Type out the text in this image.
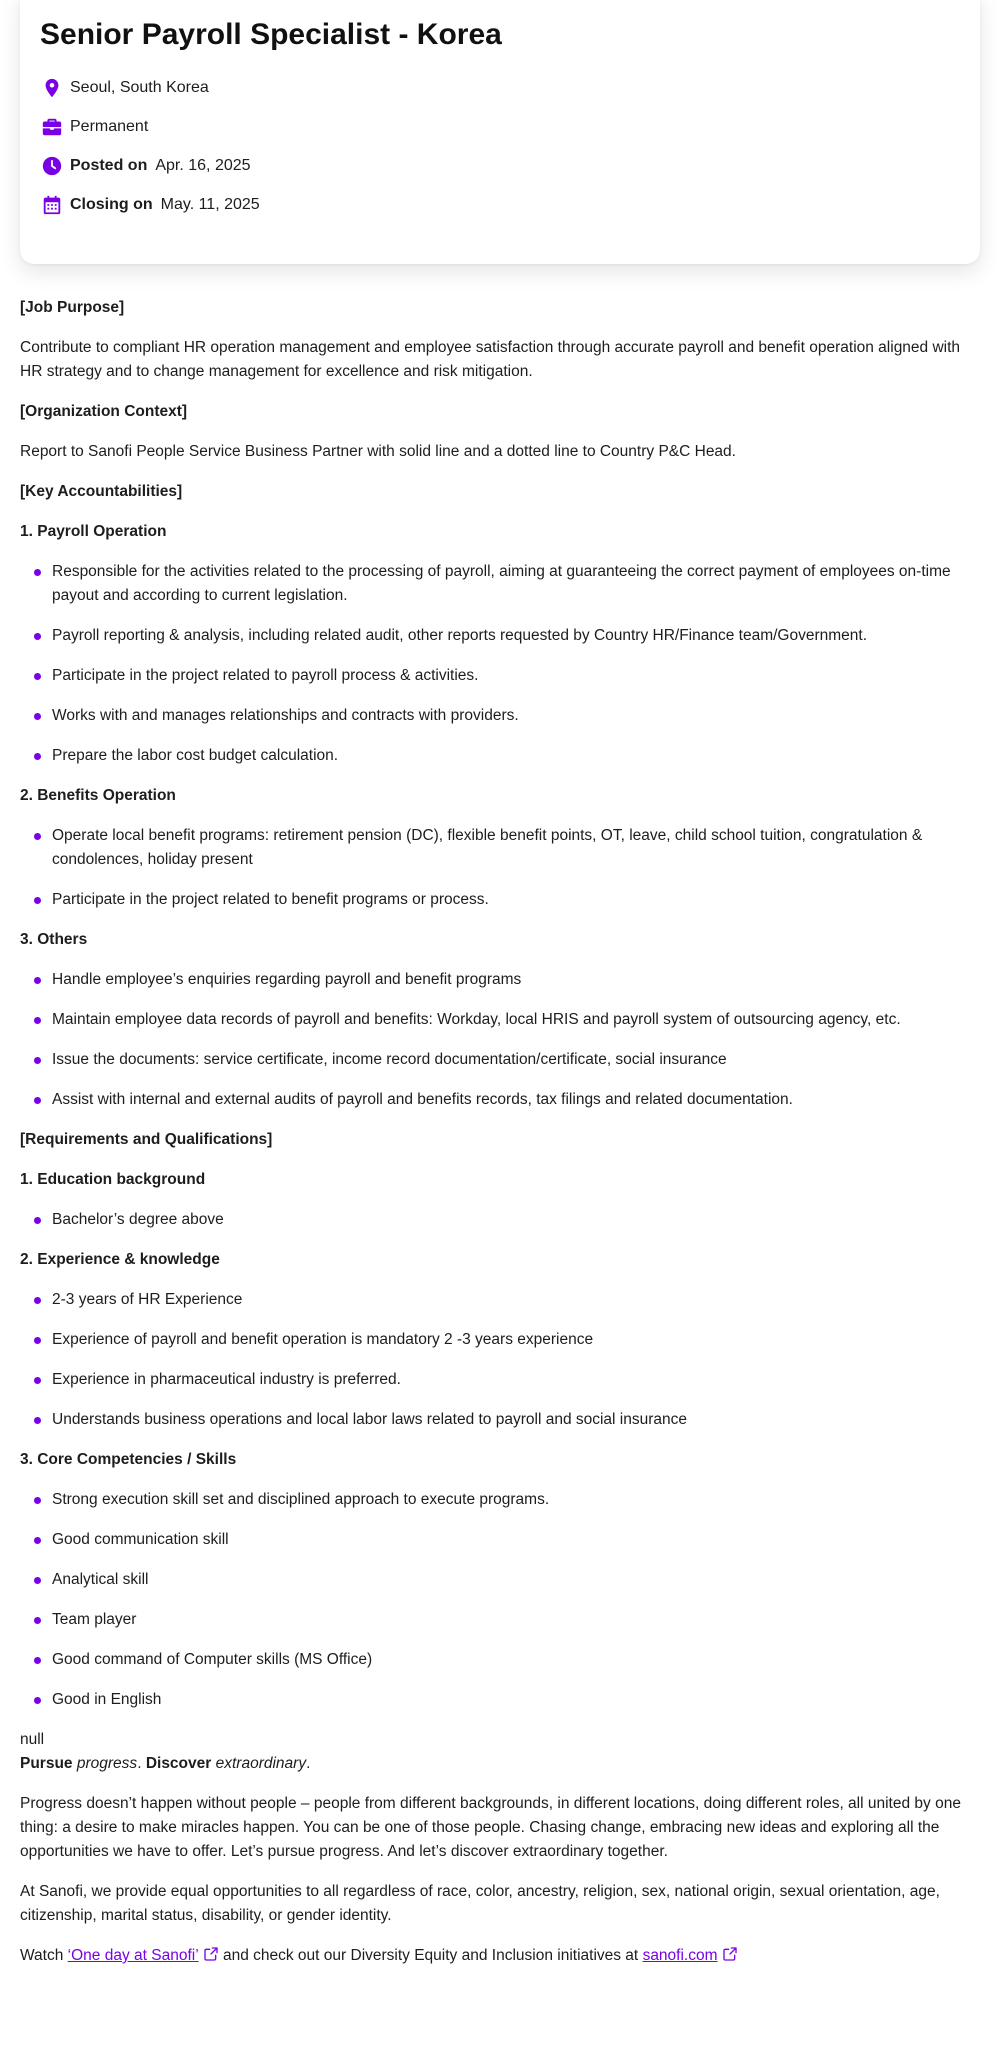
Senior Payroll Specialist - Korea
Seoul, South Korea
Permanent
Posted on Apr. 16, 2025
Closing on May. 11, 2025

[Job Purpose]

Contribute to compliant HR operation management and employee satisfaction through accurate payroll and benefit operation aligned with HR strategy and to change management for excellence and risk mitigation.

[Organization Context]

Report to Sanofi People Service Business Partner with solid line and a dotted line to Country P&C Head.

[Key Accountabilities]

1. Payroll Operation

Responsible for the activities related to the processing of payroll, aiming at guaranteeing the correct payment of employees on-time payout and according to current legislation.
Payroll reporting & analysis, including related audit, other reports requested by Country HR/Finance team/Government.
Participate in the project related to payroll process & activities.
Works with and manages relationships and contracts with providers.
Prepare the labor cost budget calculation.

2. Benefits Operation

Operate local benefit programs: retirement pension (DC), flexible benefit points, OT, leave, child school tuition, congratulation & condolences, holiday present
Participate in the project related to benefit programs or process.

3. Others

Handle employee’s enquiries regarding payroll and benefit programs
Maintain employee data records of payroll and benefits: Workday, local HRIS and payroll system of outsourcing agency, etc.
Issue the documents: service certificate, income record documentation/certificate, social insurance
Assist with internal and external audits of payroll and benefits records, tax filings and related documentation.

[Requirements and Qualifications]

1. Education background

Bachelor’s degree above

2. Experience & knowledge

2-3 years of HR Experience
Experience of payroll and benefit operation is mandatory 2 -3 years experience
Experience in pharmaceutical industry is preferred.
Understands business operations and local labor laws related to payroll and social insurance

3. Core Competencies / Skills

Strong execution skill set and disciplined approach to execute programs.
Good communication skill
Analytical skill
Team player
Good command of Computer skills (MS Office)
Good in English

null

Pursue progress. Discover extraordinary.

Progress doesn’t happen without people – people from different backgrounds, in different locations, doing different roles, all united by one thing: a desire to make miracles happen. You can be one of those people. Chasing change, embracing new ideas and exploring all the opportunities we have to offer. Let’s pursue progress. And let’s discover extraordinary together.

At Sanofi, we provide equal opportunities to all regardless of race, color, ancestry, religion, sex, national origin, sexual orientation, age, citizenship, marital status, disability, or gender identity.

Watch ‘One day at Sanofi’ and check out our Diversity Equity and Inclusion initiatives at sanofi.com
